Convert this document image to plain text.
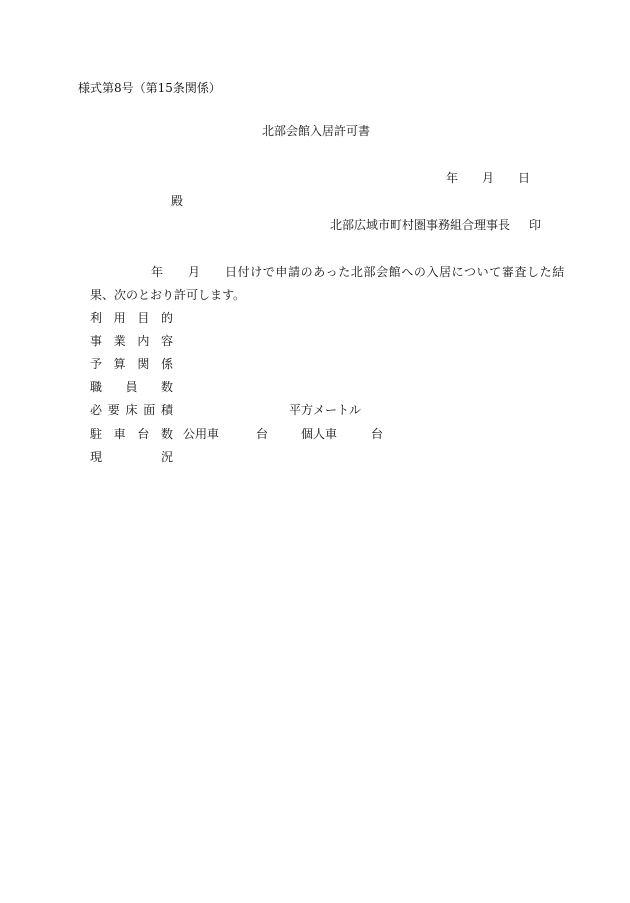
様式第8号（第15条関係）
北部会館入居許可書
年 月 日
殿
北部広域市町村圏事務組合理事長 印
年 月 日付けで申請のあった北部会館への入居について審査した結
果、次のとおり許可します。
利用目的
事業内容
予算関係
職員数
必要床面積	平方メートル
駐車台数 公用車	台	個人車	台
現況
